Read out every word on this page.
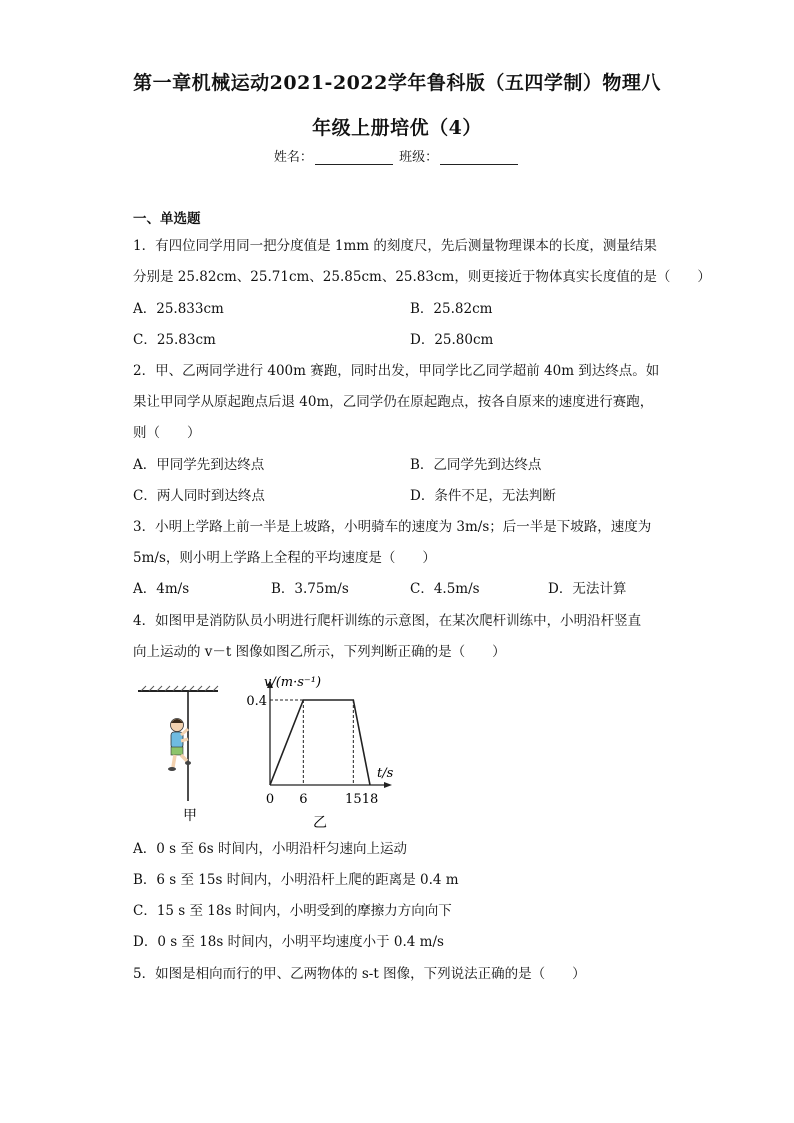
第一章机械运动2021-2022学年鲁科版（五四学制）物理八
年级上册培优（4）
姓名：	班级：
一、单选题
1．有四位同学用同一把分度值是 1mm 的刻度尺，先后测量物理课本的长度，测量结果
分别是 25.82cm、25.71cm、25.85cm、25.83cm，则更接近于物体真实长度值的是（　　）
A．25.833cm	B．25.82cm
C．25.83cm	D．25.80cm
2．甲、乙两同学进行 400m 赛跑，同时出发，甲同学比乙同学超前 40m 到达终点。如
果让甲同学从原起跑点后退 40m，乙同学仍在原起跑点，按各自原来的速度进行赛跑，
则（　　）
A．甲同学先到达终点	B．乙同学先到达终点
C．两人同时到达终点	D．条件不足，无法判断
3．小明上学路上前一半是上坡路，小明骑车的速度为 3m/s；后一半是下坡路，速度为
5m/s，则小明上学路上全程的平均速度是（　　）
A．4m/s	B．3.75m/s	C．4.5m/s	D．无法计算
4．如图甲是消防队员小明进行爬杆训练的示意图，在某次爬杆训练中，小明沿杆竖直
向上运动的 v－t 图像如图乙所示，下列判断正确的是（　　）
甲
v/(m·s⁻¹)
t/s
0.4
0 6	15 18
乙
A．0 s 至 6s 时间内，小明沿杆匀速向上运动
B．6 s 至 15s 时间内，小明沿杆上爬的距离是 0.4 m
C．15 s 至 18s 时间内，小明受到的摩擦力方向向下
D．0 s 至 18s 时间内，小明平均速度小于 0.4 m/s
5．如图是相向而行的甲、乙两物体的 s-t 图像，下列说法正确的是（　　）
